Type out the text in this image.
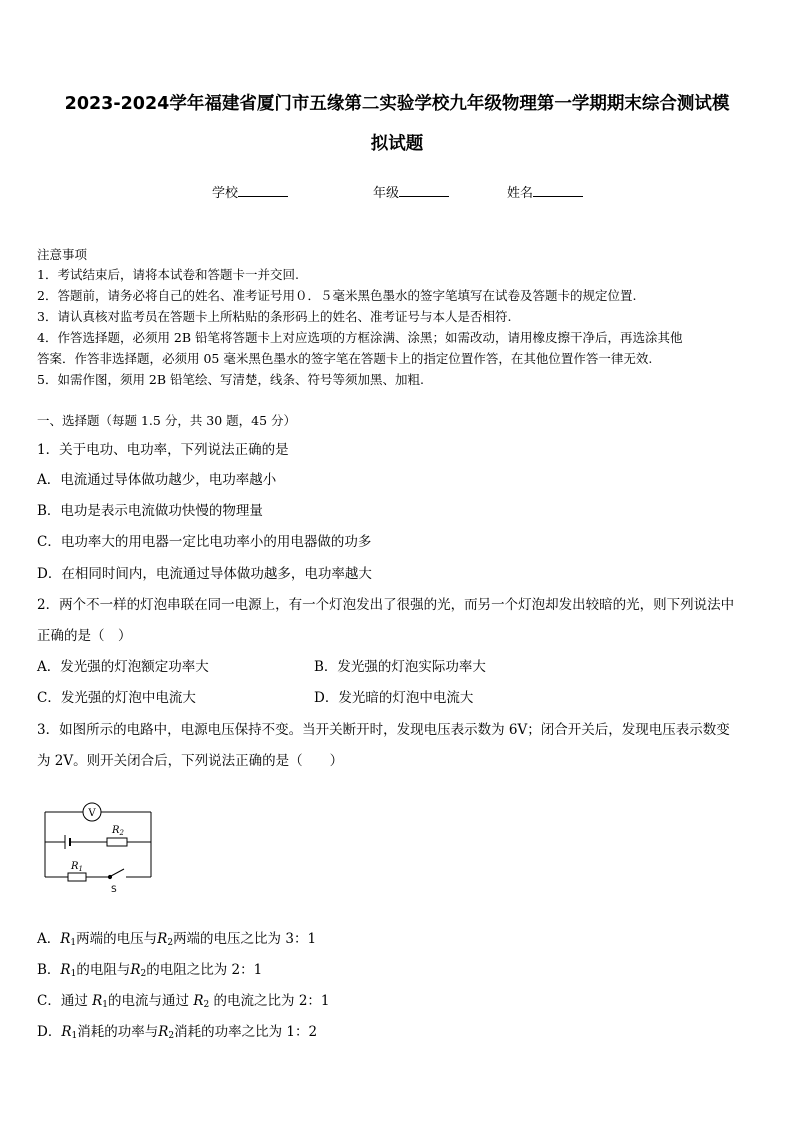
2023-2024学年福建省厦门市五缘第二实验学校九年级物理第一学期期末综合测试模
拟试题
学校	年级	姓名
注意事项
1．考试结束后，请将本试卷和答题卡一并交回.
2．答题前，请务必将自己的姓名、准考证号用０．５毫米黑色墨水的签字笔填写在试卷及答题卡的规定位置.
3．请认真核对监考员在答题卡上所粘贴的条形码上的姓名、准考证号与本人是否相符.
4．作答选择题，必须用 2B 铅笔将答题卡上对应选项的方框涂满、涂黑；如需改动，请用橡皮擦干净后，再选涂其他
答案．作答非选择题，必须用 05 毫米黑色墨水的签字笔在答题卡上的指定位置作答，在其他位置作答一律无效.
5．如需作图，须用 2B 铅笔绘、写清楚，线条、符号等须加黑、加粗.
一、选择题（每题 1.5 分，共 30 题，45 分）
1．关于电功、电功率，下列说法正确的是
A．电流通过导体做功越少，电功率越小
B．电功是表示电流做功快慢的物理量
C．电功率大的用电器一定比电功率小的用电器做的功多
D．在相同时间内，电流通过导体做功越多，电功率越大
2．两个不一样的灯泡串联在同一电源上，有一个灯泡发出了很强的光，而另一个灯泡却发出较暗的光，则下列说法中
正确的是（　）
A．发光强的灯泡额定功率大	B．发光强的灯泡实际功率大
C．发光强的灯泡中电流大	D．发光暗的灯泡中电流大
3．如图所示的电路中，电源电压保持不变。当开关断开时，发现电压表示数为 6V；闭合开关后，发现电压表示数变
为 2V。则开关闭合后，下列说法正确的是（　　）
V
$R_2$
$R_1$
S
A．$R_1$两端的电压与$R_2$两端的电压之比为 3：1
B．$R_1$的电阻与$R_2$的电阻之比为 2：1
C．通过 $R_1$的电流与通过 $R_2$ 的电流之比为 2：1
D．$R_1$消耗的功率与$R_2$消耗的功率之比为 1：2
